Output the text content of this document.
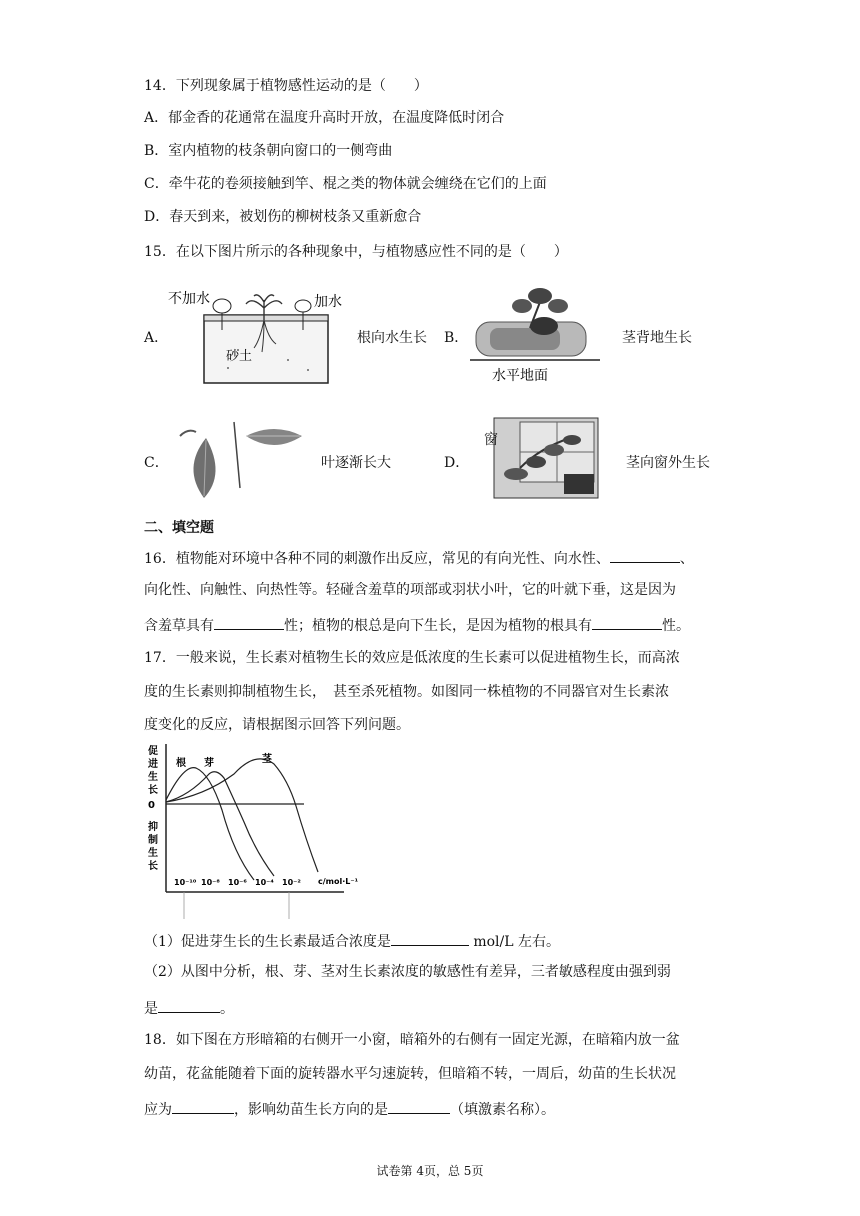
14．下列现象属于植物感性运动的是（　　）
A．郁金香的花通常在温度升高时开放，在温度降低时闭合
B．室内植物的枝条朝向窗口的一侧弯曲
C．牵牛花的卷须接触到竿、棍之类的物体就会缠绕在它们的上面
D．春天到来，被划伤的柳树枝条又重新愈合
15．在以下图片所示的各种现象中，与植物感应性不同的是（　　）
A．
不加水	加水
砂土
根向水生长 B．
水平地面
茎背地生长
C．	叶逐渐长大	D．
窗
茎向窗外生长
二、填空题
16．植物能对环境中各种不同的刺激作出反应，常见的有向光性、向水性、	、
向化性、向触性、向热性等。轻碰含羞草的项部或羽状小叶，它的叶就下垂，这是因为
含羞草具有	性；植物的根总是向下生长，是因为植物的根具有	性。
17．一般来说，生长素对植物生长的效应是低浓度的生长素可以促进植物生长，而高浓
度的生长素则抑制植物生长，　甚至杀死植物。如图同一株植物的不同器官对生长素浓
度变化的反应，请根据图示回答下列问题。
促
进
生
长
抑
制
生
长
0
根 芽	茎
10⁻¹⁰ 10⁻⁸ 10⁻⁶ 10⁻⁴ 10⁻² c/mol·L⁻¹
（1）促进芽生长的生长素最适合浓度是	mol/L 左右。
（2）从图中分析，根、芽、茎对生长素浓度的敏感性有差异，三者敏感程度由强到弱
是	。
18．如下图在方形暗箱的右侧开一小窗，暗箱外的右侧有一固定光源，在暗箱内放一盆
幼苗，花盆能随着下面的旋转器水平匀速旋转，但暗箱不转，一周后，幼苗的生长状况
应为	，影响幼苗生长方向的是	（填激素名称）。
试卷第 4页，总 5页
